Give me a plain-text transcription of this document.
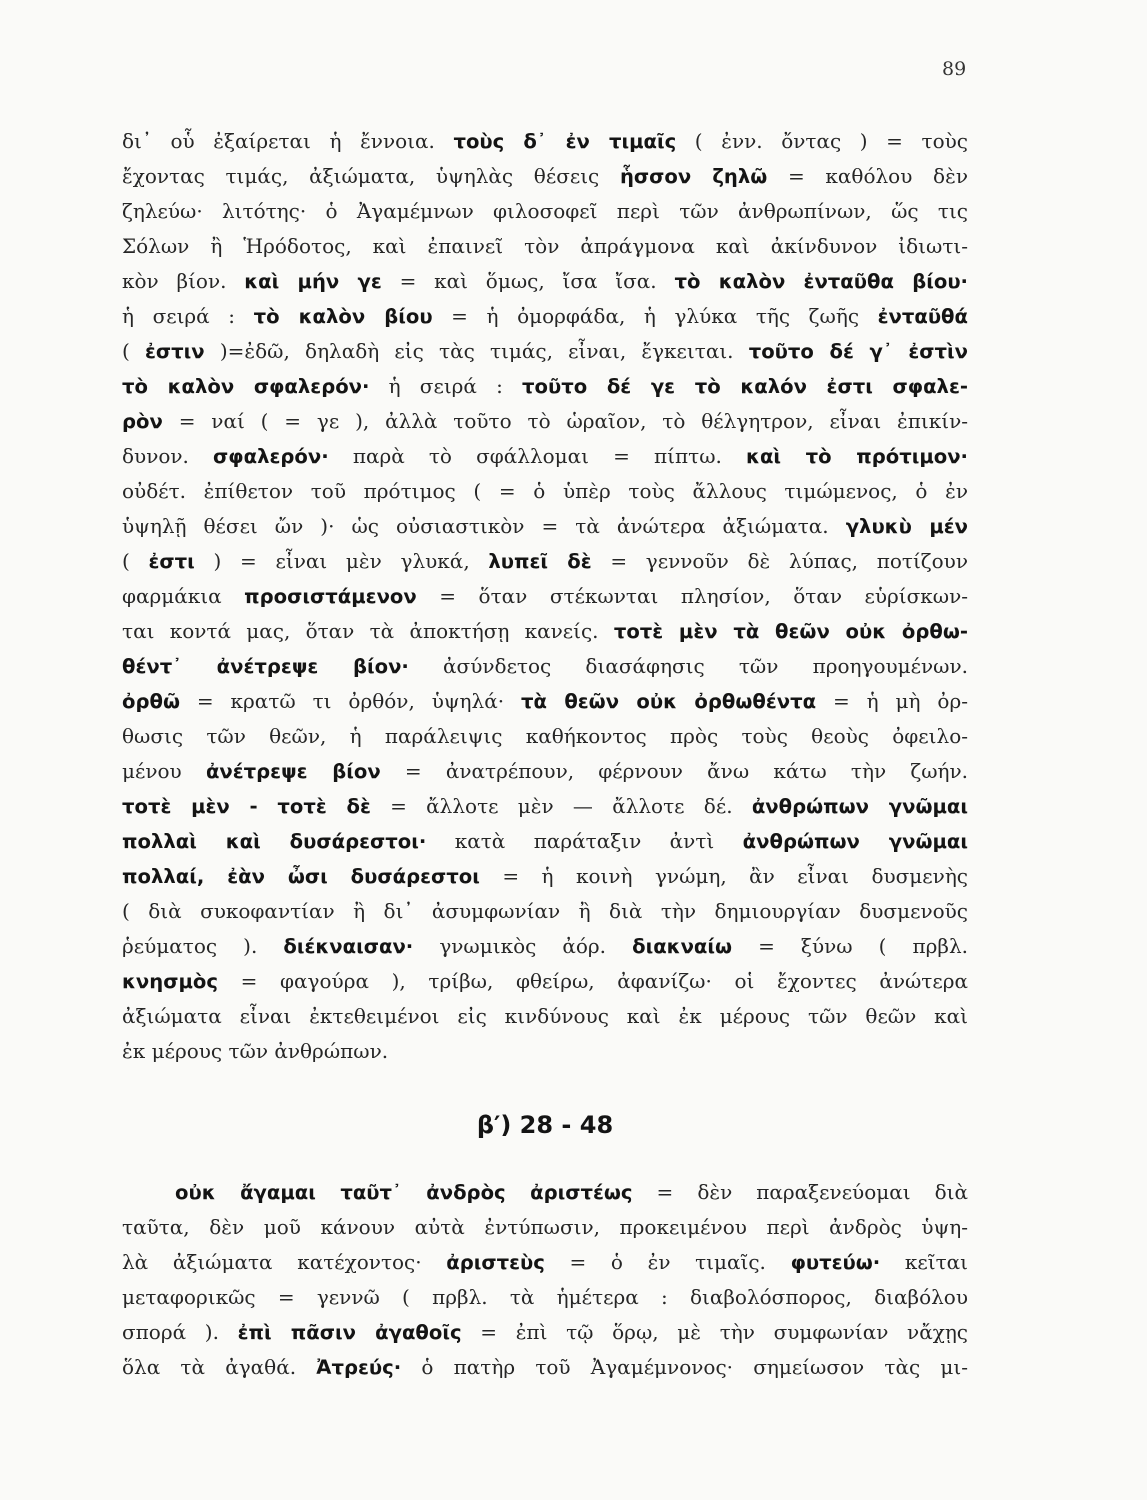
89
δι᾽ οὗ ἐξαίρεται ἡ ἔννοια. τοὺς δ᾽ ἐν τιμαῖς ( ἐνν. ὄντας ) = τοὺς
ἔχοντας τιμάς, ἀξιώματα, ὑψηλὰς θέσεις ἧσσον ζηλῶ = καθόλου δὲν
ζηλεύω· λιτότης· ὁ Ἀγαμέμνων φιλοσοφεῖ περὶ τῶν ἀνθρωπίνων, ὥς τις
Σόλων ἢ Ἡρόδοτος, καὶ ἐπαινεῖ τὸν ἀπράγμονα καὶ ἀκίνδυνον ἰδιωτι-
κὸν βίον. καὶ μήν γε = καὶ ὅμως, ἴσα ἴσα. τὸ καλὸν ἐνταῦθα βίου·
ἡ σειρά : τὸ καλὸν βίου = ἡ ὀμορφάδα, ἡ γλύκα τῆς ζωῆς ἐνταῦθά
( ἐστιν )=ἐδῶ, δηλαδὴ εἰς τὰς τιμάς, εἶναι, ἔγκειται. τοῦτο δέ γ᾽ ἐστὶν
τὸ καλὸν σφαλερόν· ἡ σειρά : τοῦτο δέ γε τὸ καλόν ἐστι σφαλε-
ρὸν = ναί ( = γε ), ἀλλὰ τοῦτο τὸ ὡραῖον, τὸ θέλγητρον, εἶναι ἐπικίν-
δυνον. σφαλερόν· παρὰ τὸ σφάλλομαι = πίπτω. καὶ τὸ πρότιμον·
οὐδέτ. ἐπίθετον τοῦ πρότιμος ( = ὁ ὑπὲρ τοὺς ἄλλους τιμώμενος, ὁ ἐν
ὑψηλῇ θέσει ὤν )· ὡς οὐσιαστικὸν = τὰ ἀνώτερα ἀξιώματα. γλυκὺ μέν
( ἐστι ) = εἶναι μὲν γλυκά, λυπεῖ δὲ = γεννοῦν δὲ λύπας, ποτίζουν
φαρμάκια προσιστάμενον = ὅταν στέκωνται πλησίον, ὅταν εὑρίσκων-
ται κοντά μας, ὅταν τὰ ἀποκτήσῃ κανείς. τοτὲ μὲν τὰ θεῶν οὐκ ὀρθω-
θέντ᾽ ἀνέτρεψε βίον· ἀσύνδετος διασάφησις τῶν προηγουμένων.
ὀρθῶ = κρατῶ τι ὀρθόν, ὑψηλά· τὰ θεῶν οὐκ ὀρθωθέντα = ἡ μὴ ὀρ-
θωσις τῶν θεῶν, ἡ παράλειψις καθήκοντος πρὸς τοὺς θεοὺς ὀφειλο-
μένου ἀνέτρεψε βίον = ἀνατρέπουν, φέρνουν ἄνω κάτω τὴν ζωήν.
τοτὲ μὲν - τοτὲ δὲ = ἄλλοτε μὲν — ἄλλοτε δέ. ἀνθρώπων γνῶμαι
πολλαὶ καὶ δυσάρεστοι· κατὰ παράταξιν ἀντὶ ἀνθρώπων γνῶμαι
πολλαί, ἐὰν ὦσι δυσάρεστοι = ἡ κοινὴ γνώμη, ἂν εἶναι δυσμενὴς
( διὰ συκοφαντίαν ἢ δι᾽ ἀσυμφωνίαν ἢ διὰ τὴν δημιουργίαν δυσμενοῦς
ῥεύματος ). διέκναισαν· γνωμικὸς ἀόρ. διακναίω = ξύνω ( πρβλ.
κνησμὸς = φαγούρα ), τρίβω, φθείρω, ἀφανίζω· οἱ ἔχοντες ἀνώτερα
ἀξιώματα εἶναι ἐκτεθειμένοι εἰς κινδύνους καὶ ἐκ μέρους τῶν θεῶν καὶ
ἐκ μέρους τῶν ἀνθρώπων.
β′) 28 - 48
οὐκ ἄγαμαι ταῦτ᾽ ἀνδρὸς ἀριστέως = δὲν παραξενεύομαι διὰ
ταῦτα, δὲν μοῦ κάνουν αὐτὰ ἐντύπωσιν, προκειμένου περὶ ἀνδρὸς ὑψη-
λὰ ἀξιώματα κατέχοντος· ἀριστεὺς = ὁ ἐν τιμαῖς. φυτεύω· κεῖται
μεταφορικῶς = γεννῶ ( πρβλ. τὰ ἡμέτερα : διαβολόσπορος, διαβόλου
σπορά ). ἐπὶ πᾶσιν ἀγαθοῖς = ἐπὶ τῷ ὅρῳ, μὲ τὴν συμφωνίαν νἄχῃς
ὅλα τὰ ἀγαθά. Ἀτρεύς· ὁ πατὴρ τοῦ Ἀγαμέμνονος· σημείωσον τὰς μι-
